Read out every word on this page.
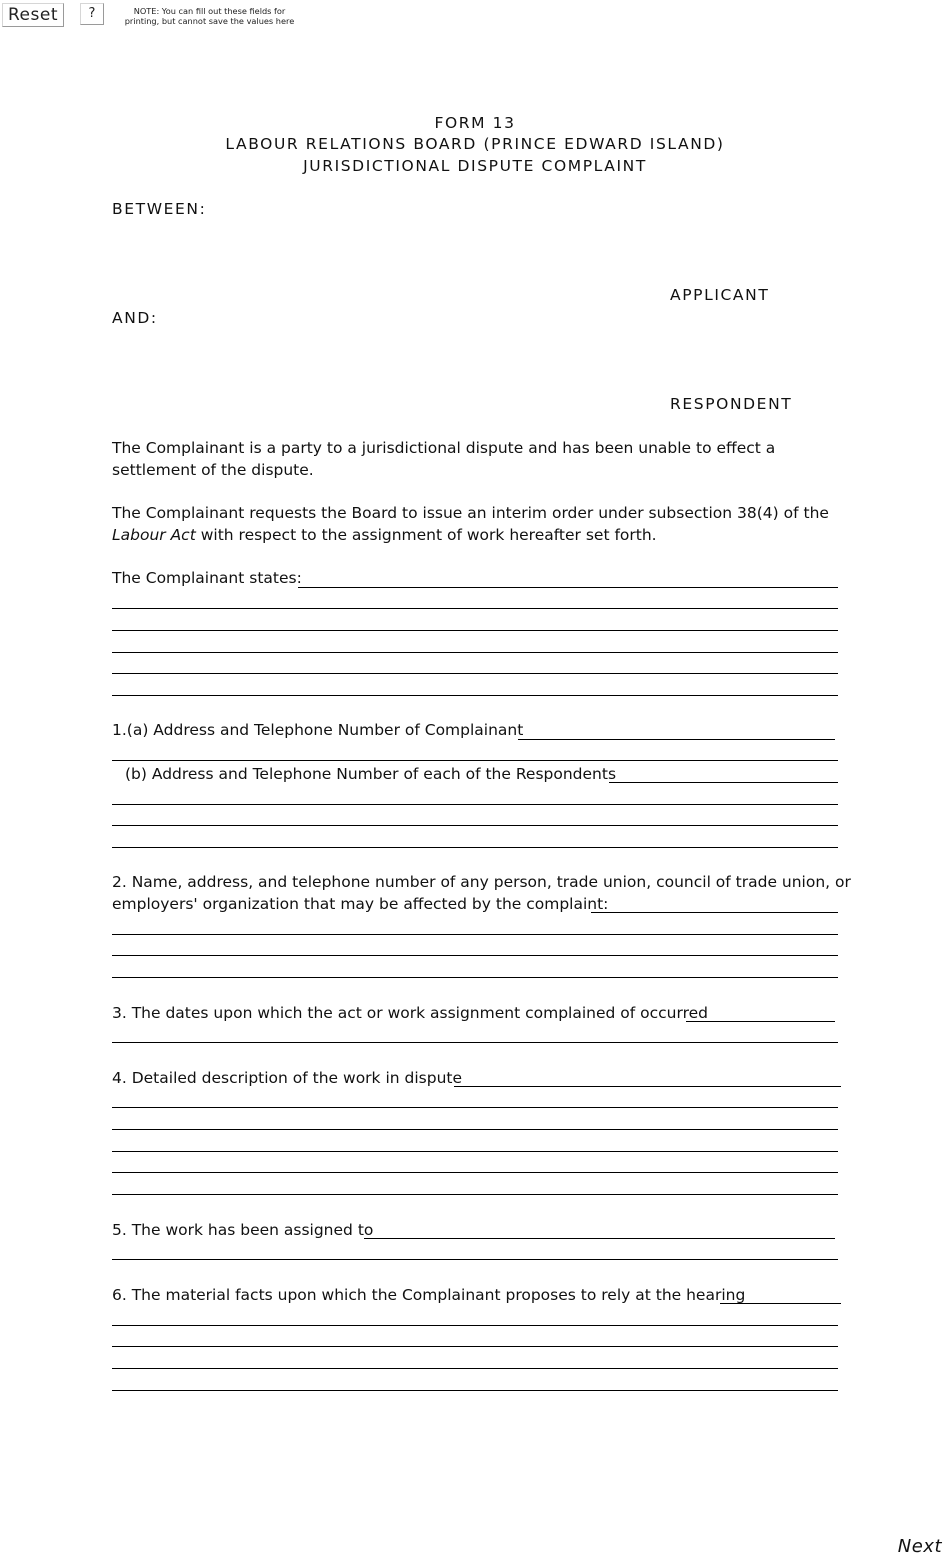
Reset	?	NOTE: You can fill out these fields for
printing, but cannot save the values here
FORM 13
LABOUR RELATIONS BOARD (PRINCE EDWARD ISLAND)
JURISDICTIONAL DISPUTE COMPLAINT
BETWEEN:
APPLICANT
AND:
RESPONDENT
The Complainant is a party to a jurisdictional dispute and has been unable to effect a settlement of the dispute.
The Complainant requests the Board to issue an interim order under subsection 38(4) of the
Labour Act with respect to the assignment of work hereafter set forth.
The Complainant states:
1.(a) Address and Telephone Number of Complainant
(b) Address and Telephone Number of each of the Respondents
2. Name, address, and telephone number of any person, trade union, council of trade union, or
employers' organization that may be affected by the complaint:
3. The dates upon which the act or work assignment complained of occurred
4. Detailed description of the work in dispute
5. The work has been assigned to
6. The material facts upon which the Complainant proposes to rely at the hearing
Next
